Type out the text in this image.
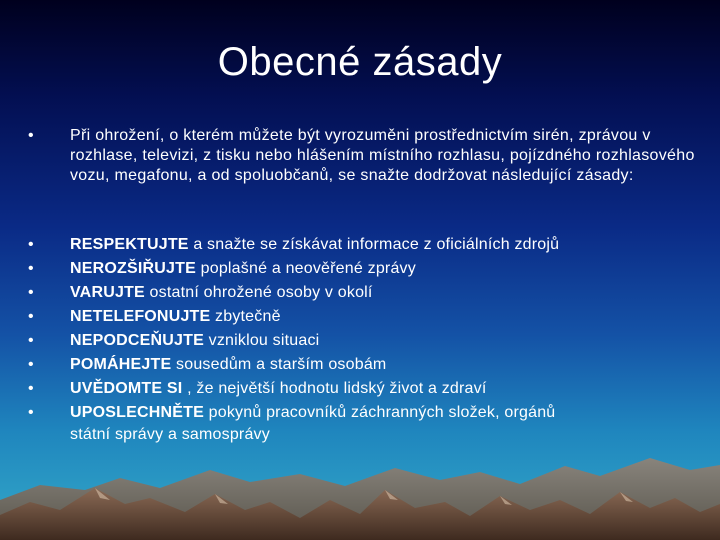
Obecné zásady
•	Při ohrožení, o kterém můžete být vyrozuměni prostřednictvím sirén, zprávou v rozhlase, televizi, z tisku nebo hlášením místního rozhlasu, pojízdného rozhlasového vozu, megafonu, a od spoluobčanů, se snažte dodržovat následující zásady:
•	RESPEKTUJTE a snažte se získávat informace z oficiálních zdrojů
•	NEROZŠIŘUJTE poplašné a neověřené zprávy
•	VARUJTE ostatní ohrožené osoby v okolí
•	NETELEFONUJTE zbytečně
•	NEPODCEŇUJTE vzniklou situaci
•	POMÁHEJTE sousedům a starším osobám
•	UVĚDOMTE SI , že největší hodnotu lidský život a zdraví
•	UPOSLECHNĚTE pokynů pracovníků záchranných složek, orgánů
státní správy a samosprávy
